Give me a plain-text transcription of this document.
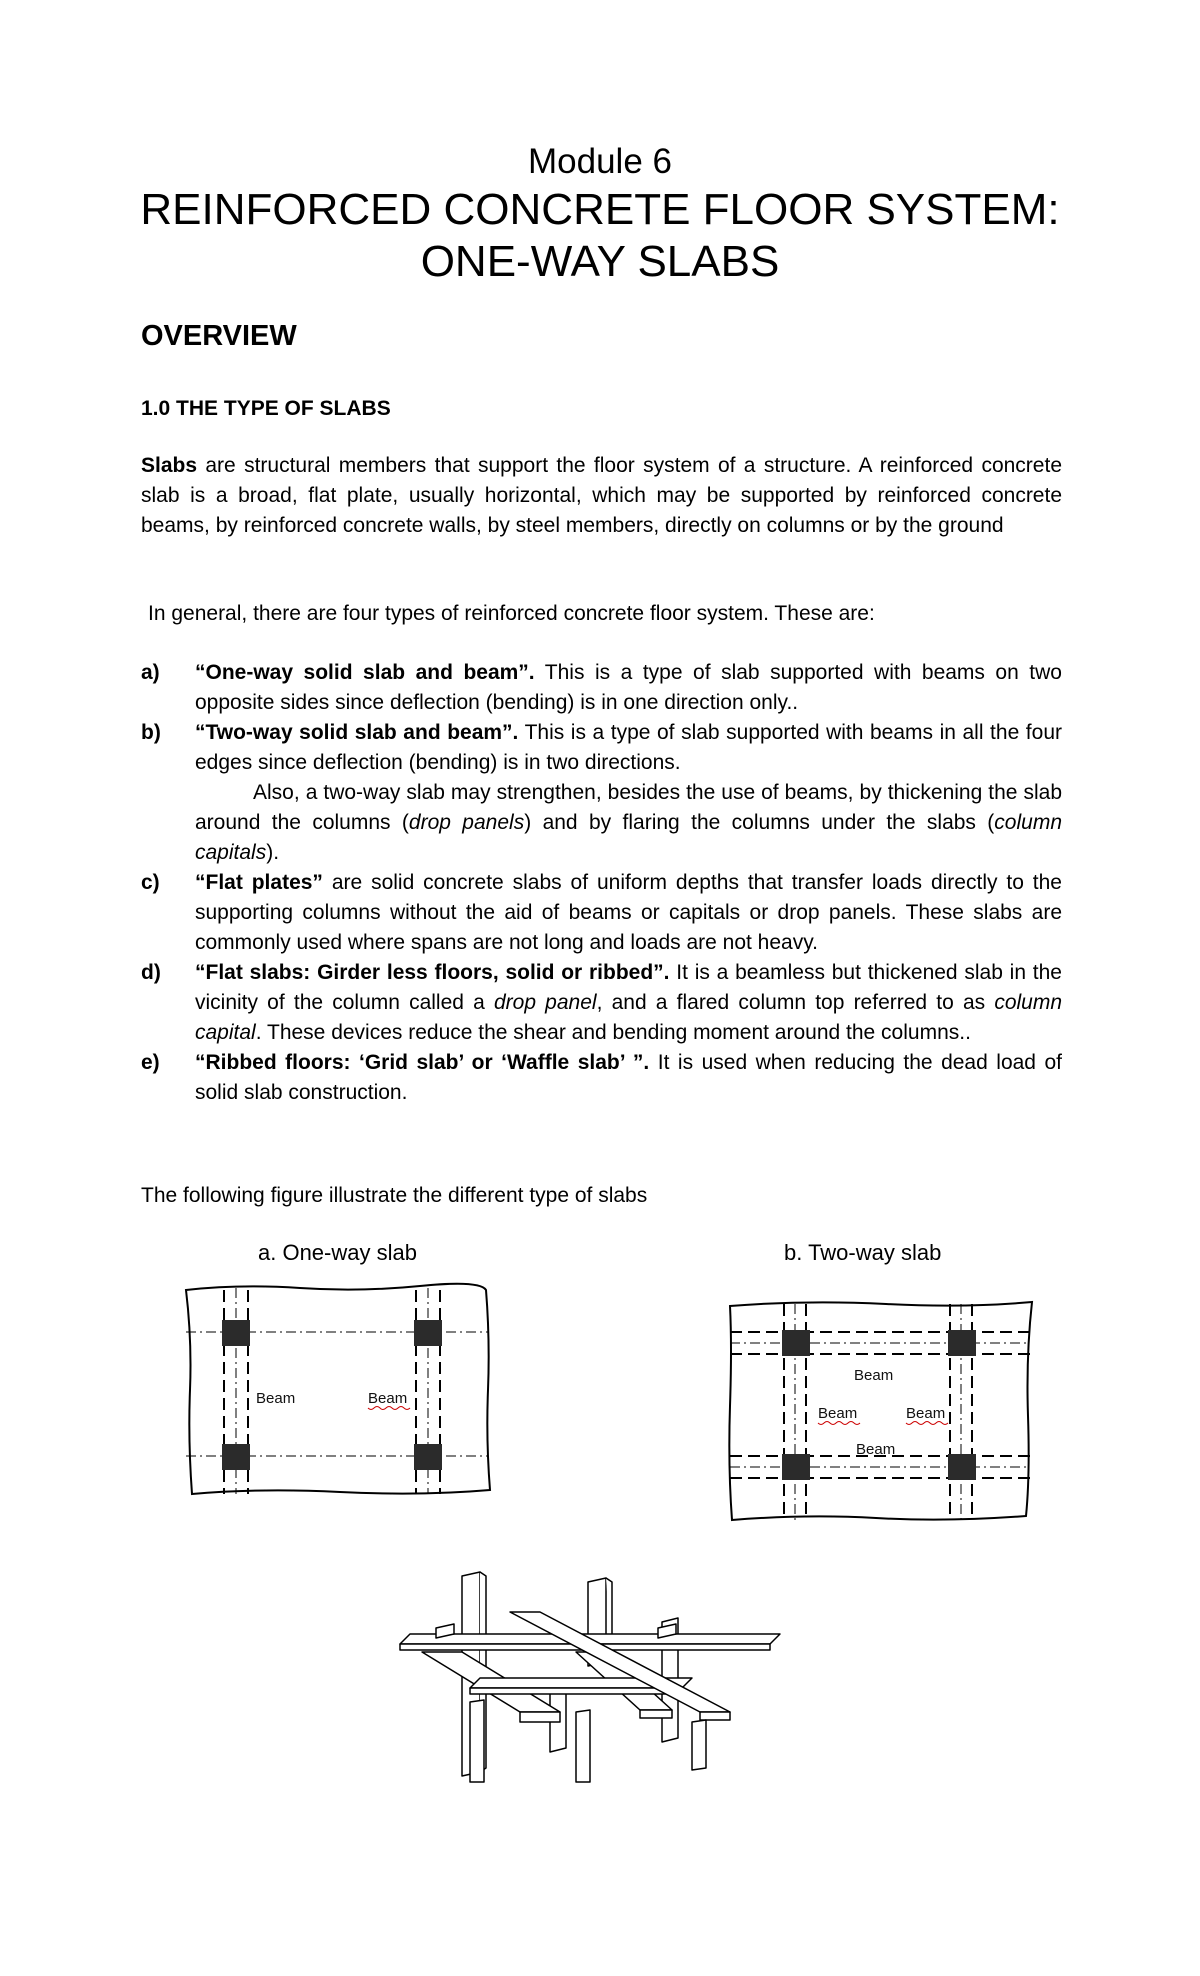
Module 6
REINFORCED CONCRETE FLOOR SYSTEM:
ONE-WAY SLABS
OVERVIEW
1.0 THE TYPE OF SLABS

Slabs are structural members that support the floor system of a structure. A reinforced concrete slab is a broad, flat plate, usually horizontal, which may be supported by reinforced concrete beams, by reinforced concrete walls, by steel members, directly on columns or by the ground

In general, there are four types of reinforced concrete floor system. These are:

a) “One-way solid slab and beam”. This is a type of slab supported with beams on two opposite sides since deflection (bending) is in one direction only..
b) “Two-way solid slab and beam”. This is a type of slab supported with beams in all the four edges since deflection (bending) is in two directions.
Also, a two-way slab may strengthen, besides the use of beams, by thickening the slab around the columns (drop panels) and by flaring the columns under the slabs (column capitals).
c) “Flat plates” are solid concrete slabs of uniform depths that transfer loads directly to the supporting columns without the aid of beams or capitals or drop panels. These slabs are commonly used where spans are not long and loads are not heavy.
d) “Flat slabs: Girder less floors, solid or ribbed”. It is a beamless but thickened slab in the vicinity of the column called a drop panel, and a flared column top referred to as column capital. These devices reduce the shear and bending moment around the columns..
e) “Ribbed floors: ‘Grid slab’ or ‘Waffle slab’ ”. It is used when reducing the dead load of solid slab construction.
The following figure illustrate the different type of slabs
a. One-way slab	b. Two-way slab
Beam	Beam
Beam
Beam	Beam
Beam
